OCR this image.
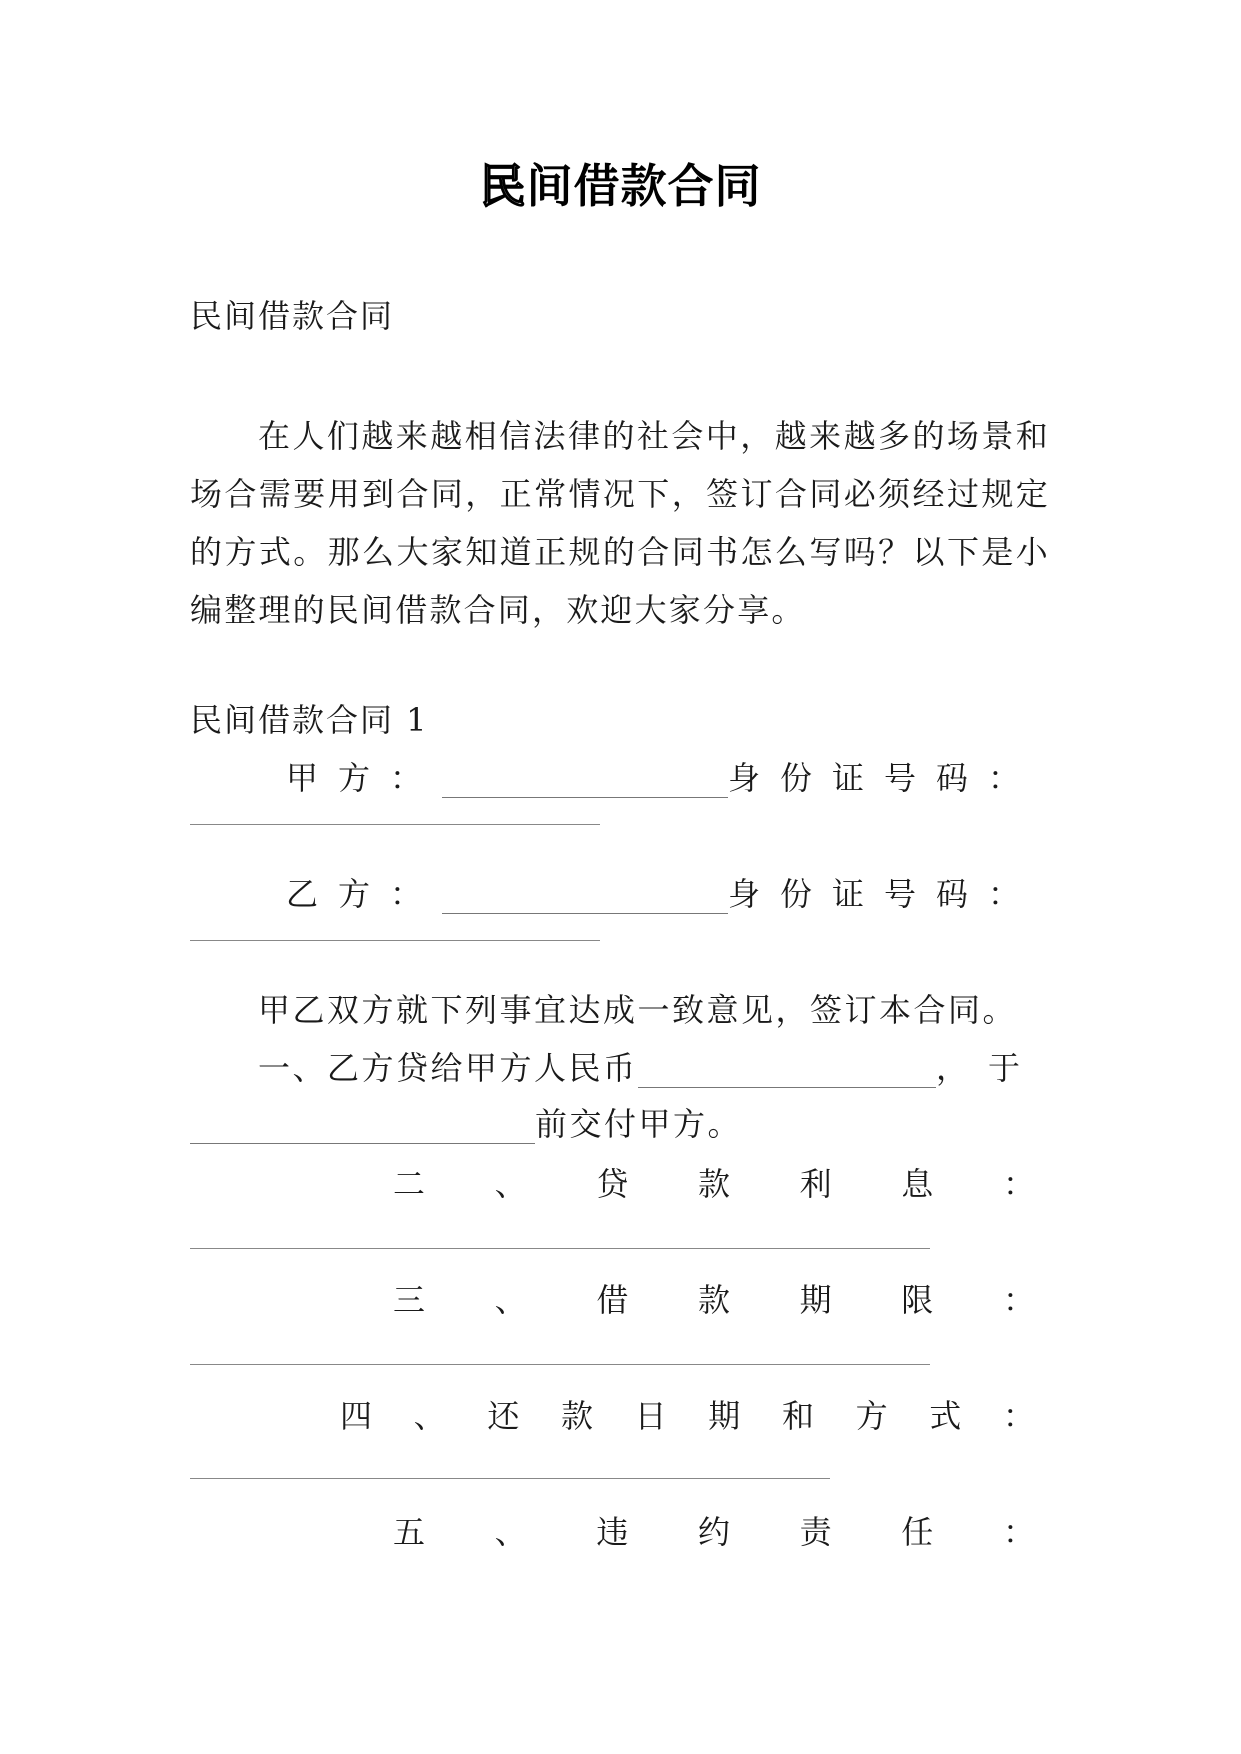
民间借款合同
民间借款合同
在人们越来越相信法律的社会中，越来越多的场景和场合需要用到合同，正常情况下，签订合同必须经过规定的方式。那么大家知道正规的合同书怎么写吗？以下是小编整理的民间借款合同，欢迎大家分享。
民间借款合同 1
甲方：	身份证号码：
乙方：	身份证号码：
甲乙双方就下列事宜达成一致意见，签订本合同。
一、乙方贷给甲方人民币	，于
前交付甲方。
二 、 贷 款 利 息 ：
三 、 借 款 期 限 ：
四 、 还 款 日 期 和 方 式 ：
五 、 违 约 责 任 ：
